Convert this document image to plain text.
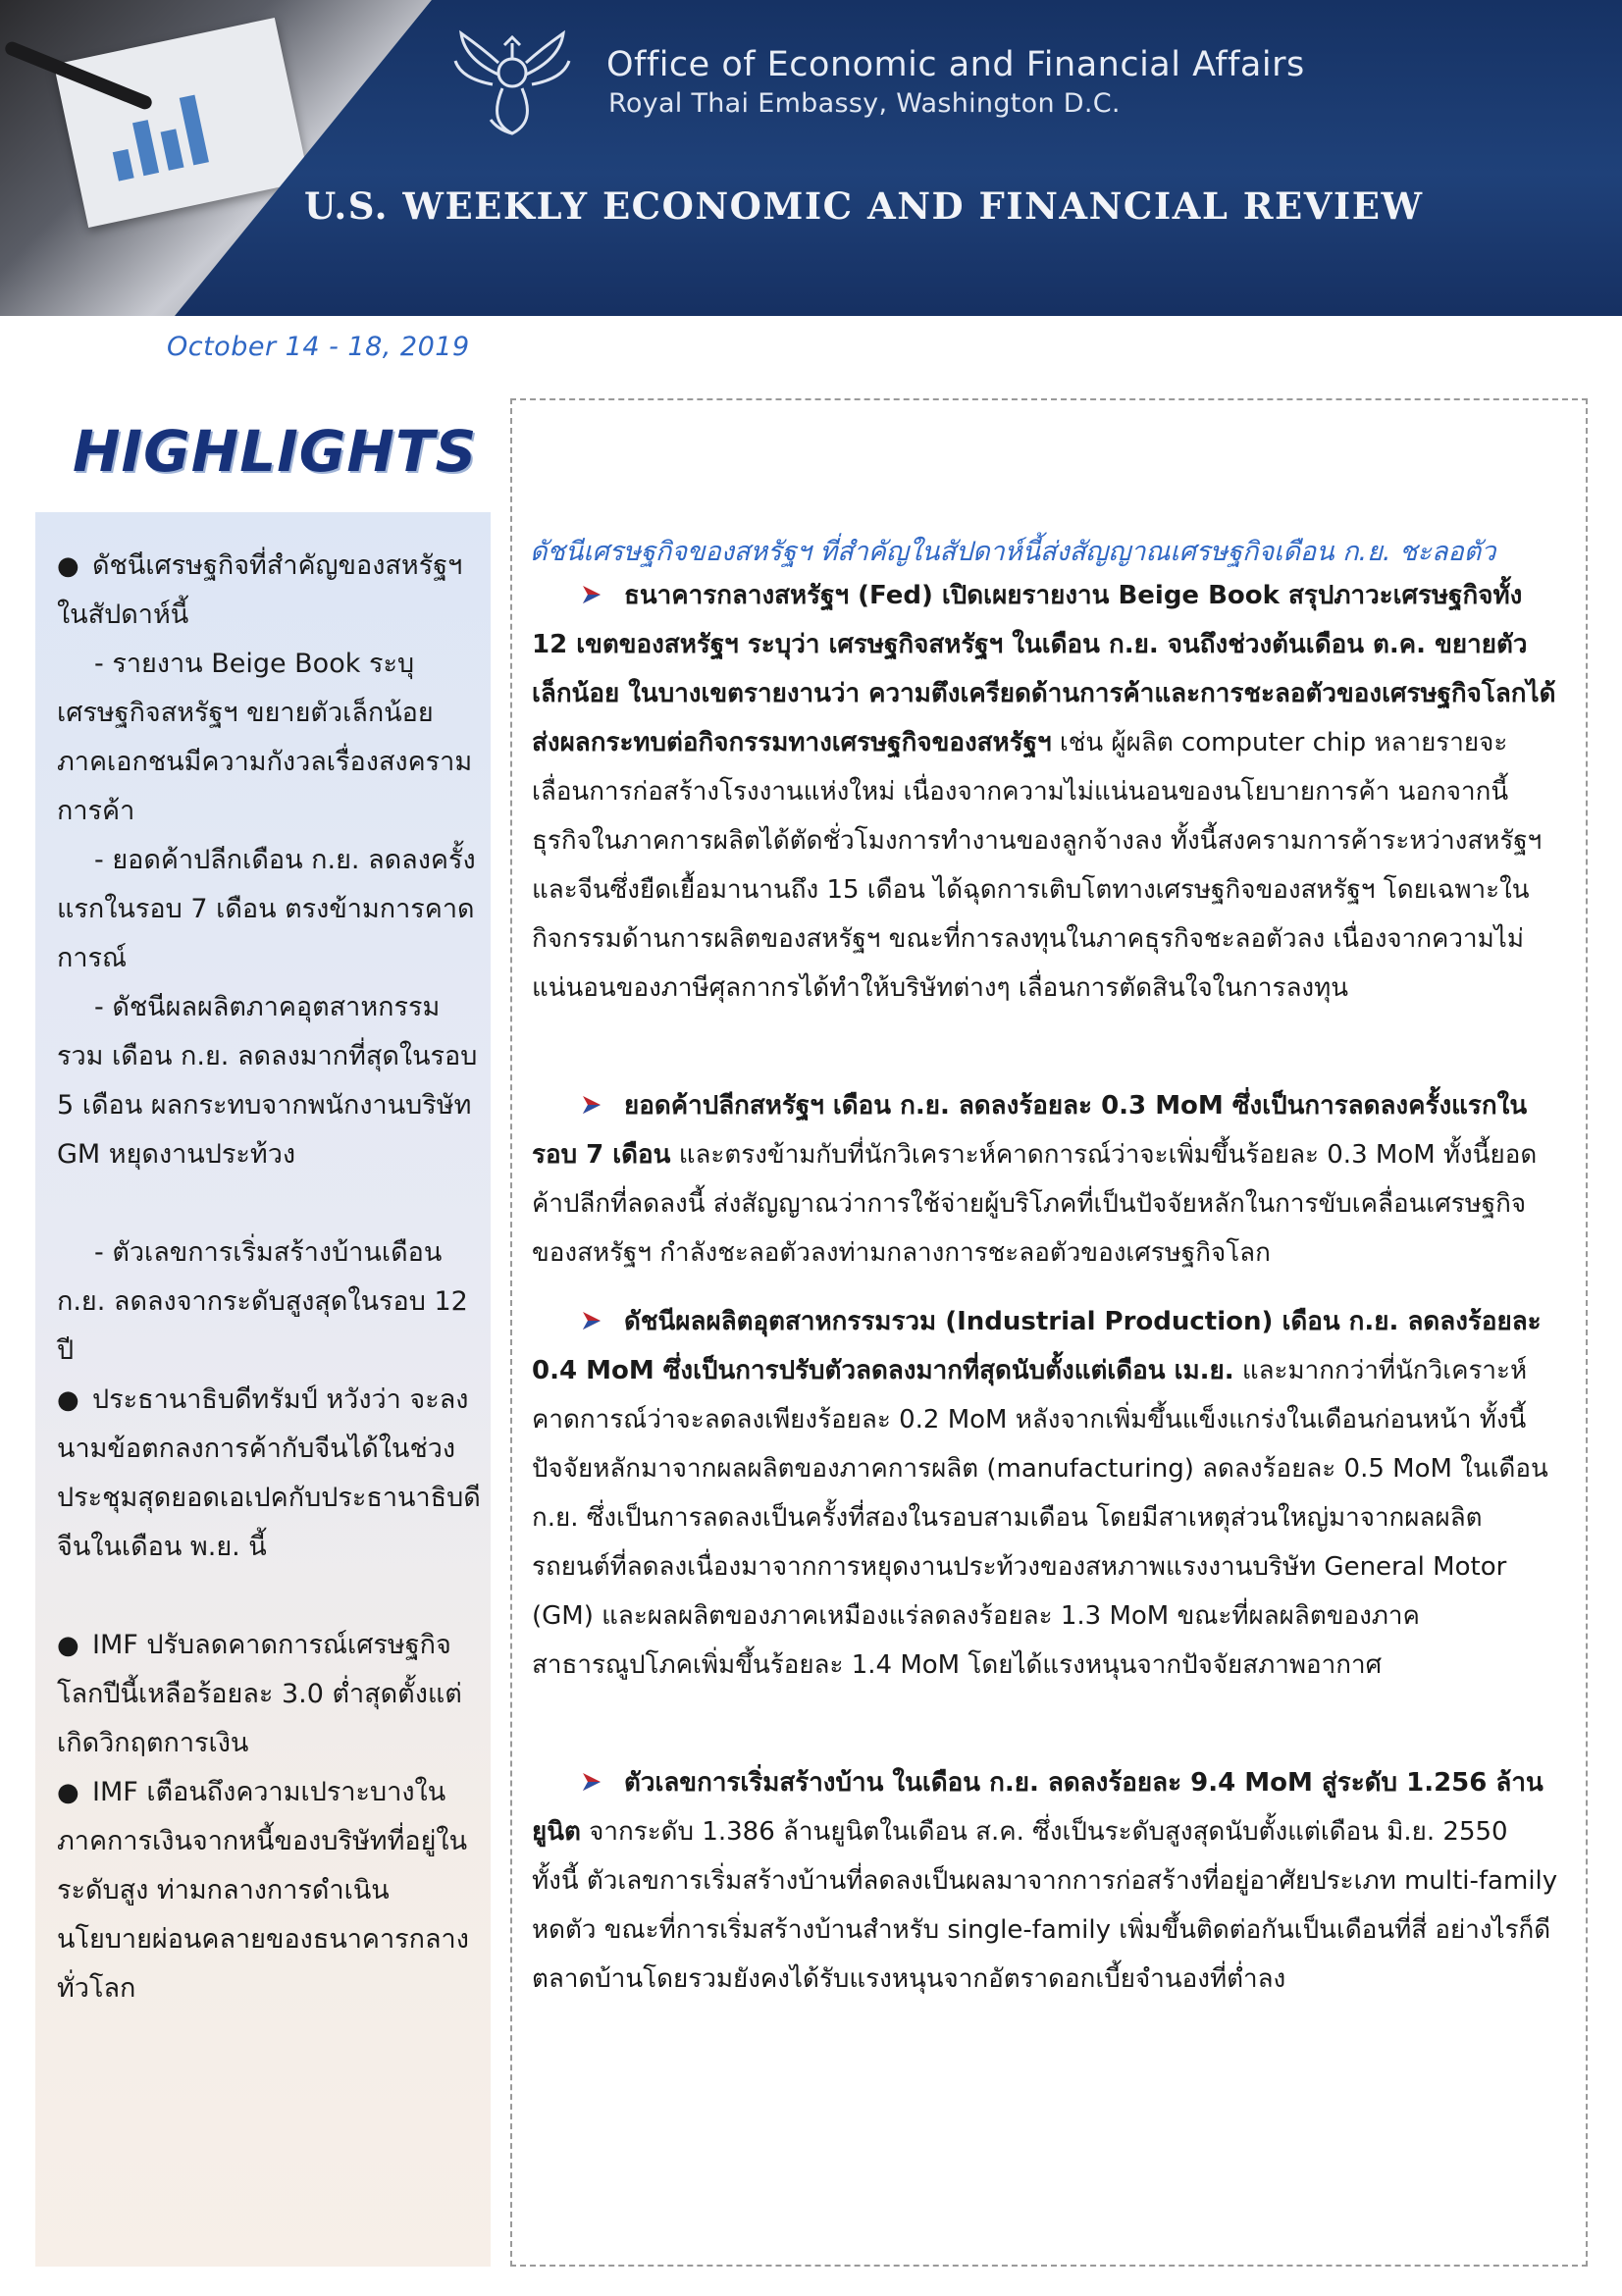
Office of Economic and Financial Affairs
Royal Thai Embassy, Washington D.C.
U.S. WEEKLY ECONOMIC AND FINANCIAL REVIEW
October 14 - 18, 2019
HIGHLIGHTS
● ดัชนีเศรษฐกิจที่สำคัญของสหรัฐฯ ในสัปดาห์นี้
- รายงาน Beige Book ระบุเศรษฐกิจสหรัฐฯ ขยายตัวเล็กน้อย ภาคเอกชนมีความกังวลเรื่องสงครามการค้า
- ยอดค้าปลีกเดือน ก.ย. ลดลงครั้งแรกในรอบ 7 เดือน ตรงข้ามการคาดการณ์
- ดัชนีผลผลิตภาคอุตสาหกรรมรวม เดือน ก.ย. ลดลงมากที่สุดในรอบ 5 เดือน ผลกระทบจากพนักงานบริษัท GM หยุดงานประท้วง
- ตัวเลขการเริ่มสร้างบ้านเดือน ก.ย. ลดลงจากระดับสูงสุดในรอบ 12 ปี
● ประธานาธิบดีทรัมป์ หวังว่า จะลงนามข้อตกลงการค้ากับจีนได้ในช่วงประชุมสุดยอดเอเปคกับประธานาธิบดีจีนในเดือน พ.ย. นี้
● IMF ปรับลดคาดการณ์เศรษฐกิจโลกปีนี้เหลือร้อยละ 3.0 ต่ำสุดตั้งแต่เกิดวิกฤตการเงิน
● IMF เตือนถึงความเปราะบางในภาคการเงินจากหนี้ของบริษัทที่อยู่ในระดับสูง ท่ามกลางการดำเนินนโยบายผ่อนคลายของธนาคารกลางทั่วโลก
ดัชนีเศรษฐกิจของสหรัฐฯ ที่สำคัญในสัปดาห์นี้ส่งสัญญาณเศรษฐกิจเดือน ก.ย. ชะลอตัว
ธนาคารกลางสหรัฐฯ (Fed) เปิดเผยรายงาน Beige Book สรุปภาวะเศรษฐกิจทั้ง 12 เขตของสหรัฐฯ ระบุว่า เศรษฐกิจสหรัฐฯ ในเดือน ก.ย. จนถึงช่วงต้นเดือน ต.ค. ขยายตัวเล็กน้อย ในบางเขตรายงานว่า ความตึงเครียดด้านการค้าและการชะลอตัวของเศรษฐกิจโลกได้ส่งผลกระทบต่อกิจกรรมทางเศรษฐกิจของสหรัฐฯ เช่น ผู้ผลิต computer chip หลายรายจะเลื่อนการก่อสร้างโรงงานแห่งใหม่ เนื่องจากความไม่แน่นอนของนโยบายการค้า นอกจากนี้ธุรกิจในภาคการผลิตได้ตัดชั่วโมงการทำงานของลูกจ้างลง ทั้งนี้สงครามการค้าระหว่างสหรัฐฯ และจีนซึ่งยืดเยื้อมานานถึง 15 เดือน ได้ฉุดการเติบโตทางเศรษฐกิจของสหรัฐฯ โดยเฉพาะในกิจกรรมด้านการผลิตของสหรัฐฯ ขณะที่การลงทุนในภาคธุรกิจชะลอตัวลง เนื่องจากความไม่แน่นอนของภาษีศุลกากรได้ทำให้บริษัทต่างๆ เลื่อนการตัดสินใจในการลงทุน
ยอดค้าปลีกสหรัฐฯ เดือน ก.ย. ลดลงร้อยละ 0.3 MoM ซึ่งเป็นการลดลงครั้งแรกในรอบ 7 เดือน และตรงข้ามกับที่นักวิเคราะห์คาดการณ์ว่าจะเพิ่มขึ้นร้อยละ 0.3 MoM ทั้งนี้ยอดค้าปลีกที่ลดลงนี้ ส่งสัญญาณว่าการใช้จ่ายผู้บริโภคที่เป็นปัจจัยหลักในการขับเคลื่อนเศรษฐกิจของสหรัฐฯ กำลังชะลอตัวลงท่ามกลางการชะลอตัวของเศรษฐกิจโลก
ดัชนีผลผลิตอุตสาหกรรมรวม (Industrial Production) เดือน ก.ย. ลดลงร้อยละ 0.4 MoM ซึ่งเป็นการปรับตัวลดลงมากที่สุดนับตั้งแต่เดือน เม.ย. และมากกว่าที่นักวิเคราะห์คาดการณ์ว่าจะลดลงเพียงร้อยละ 0.2 MoM หลังจากเพิ่มขึ้นแข็งแกร่งในเดือนก่อนหน้า ทั้งนี้ปัจจัยหลักมาจากผลผลิตของภาคการผลิต (manufacturing) ลดลงร้อยละ 0.5 MoM ในเดือน ก.ย. ซึ่งเป็นการลดลงเป็นครั้งที่สองในรอบสามเดือน โดยมีสาเหตุส่วนใหญ่มาจากผลผลิตรถยนต์ที่ลดลงเนื่องมาจากการหยุดงานประท้วงของสหภาพแรงงานบริษัท General Motor (GM) และผลผลิตของภาคเหมืองแร่ลดลงร้อยละ 1.3 MoM ขณะที่ผลผลิตของภาคสาธารณูปโภคเพิ่มขึ้นร้อยละ 1.4 MoM โดยได้แรงหนุนจากปัจจัยสภาพอากาศ
ตัวเลขการเริ่มสร้างบ้าน ในเดือน ก.ย. ลดลงร้อยละ 9.4 MoM สู่ระดับ 1.256 ล้านยูนิต จากระดับ 1.386 ล้านยูนิตในเดือน ส.ค. ซึ่งเป็นระดับสูงสุดนับตั้งแต่เดือน มิ.ย. 2550 ทั้งนี้ ตัวเลขการเริ่มสร้างบ้านที่ลดลงเป็นผลมาจากการก่อสร้างที่อยู่อาศัยประเภท multi-family หดตัว ขณะที่การเริ่มสร้างบ้านสำหรับ single-family เพิ่มขึ้นติดต่อกันเป็นเดือนที่สี่ อย่างไรก็ดี ตลาดบ้านโดยรวมยังคงได้รับแรงหนุนจากอัตราดอกเบี้ยจำนองที่ต่ำลง
